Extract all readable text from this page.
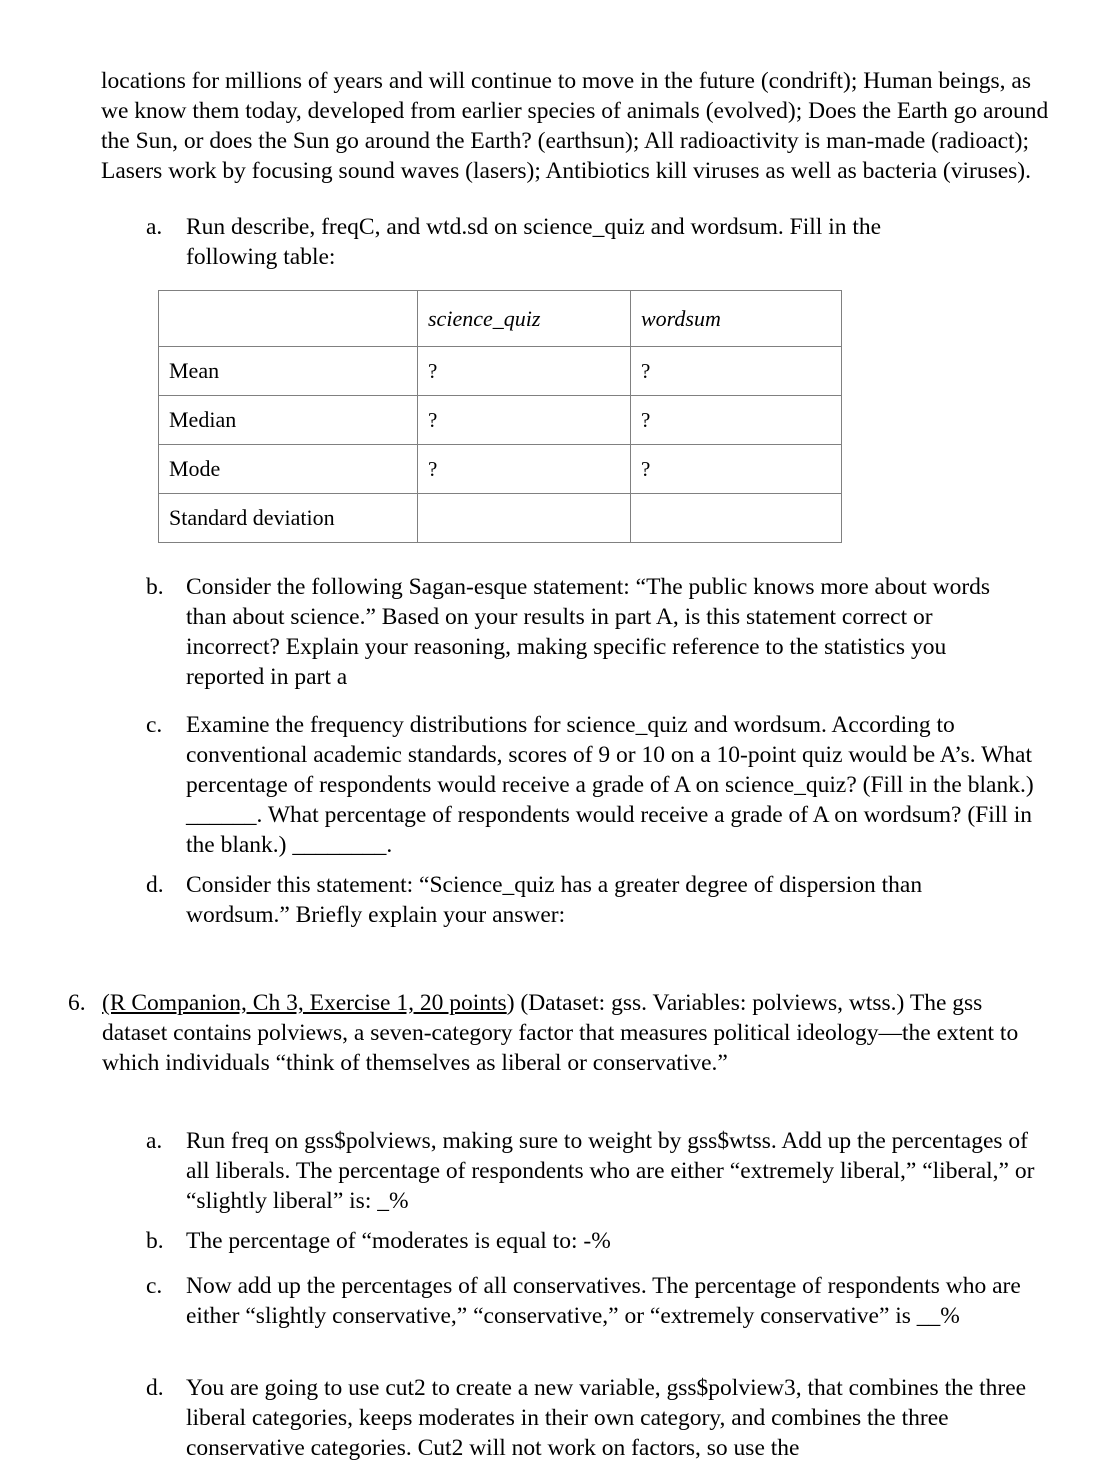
locations for millions of years and will continue to move in the future (condrift); Human beings, as we know them today, developed from earlier species of animals (evolved); Does the Earth go around the Sun, or does the Sun go around the Earth? (earthsun); All radioactivity is man-made (radioact); Lasers work by focusing sound waves (lasers); Antibiotics kill viruses as well as bacteria (viruses).

a.	Run describe, freqC, and wtd.sd on science_quiz and wordsum. Fill in the following table:
	science_quiz	wordsum
Mean	?	?
Median	?	?
Mode	?	?
Standard deviation		
b. Consider the following Sagan-esque statement: “The public knows more about words than about science.” Based on your results in part A, is this statement correct or incorrect? Explain your reasoning, making specific reference to the statistics you reported in part a
c.	Examine the frequency distributions for science_quiz and wordsum. According to conventional academic standards, scores of 9 or 10 on a 10-point quiz would be A’s. What percentage of respondents would receive a grade of A on science_quiz? (Fill in the blank.) ______. What percentage of respondents would receive a grade of A on wordsum? (Fill in the blank.) ________.
d. Consider this statement: “Science_quiz has a greater degree of dispersion than wordsum.” Briefly explain your answer:
6. (R Companion, Ch 3, Exercise 1, 20 points) (Dataset: gss. Variables: polviews, wtss.) The gss dataset contains polviews, a seven-category factor that measures political ideology—the extent to which individuals “think of themselves as liberal or conservative.”
a.	Run freq on gss$polviews, making sure to weight by gss$wtss. Add up the percentages of all liberals. The percentage of respondents who are either “extremely liberal,” “liberal,” or “slightly liberal” is: _%
b. The percentage of “moderates is equal to: -%
c.	Now add up the percentages of all conservatives. The percentage of respondents who are either “slightly conservative,” “conservative,” or “extremely conservative” is __%
d. You are going to use cut2 to create a new variable, gss$polview3, that combines the three liberal categories, keeps moderates in their own category, and combines the three conservative categories. Cut2 will not work on factors, so use the
